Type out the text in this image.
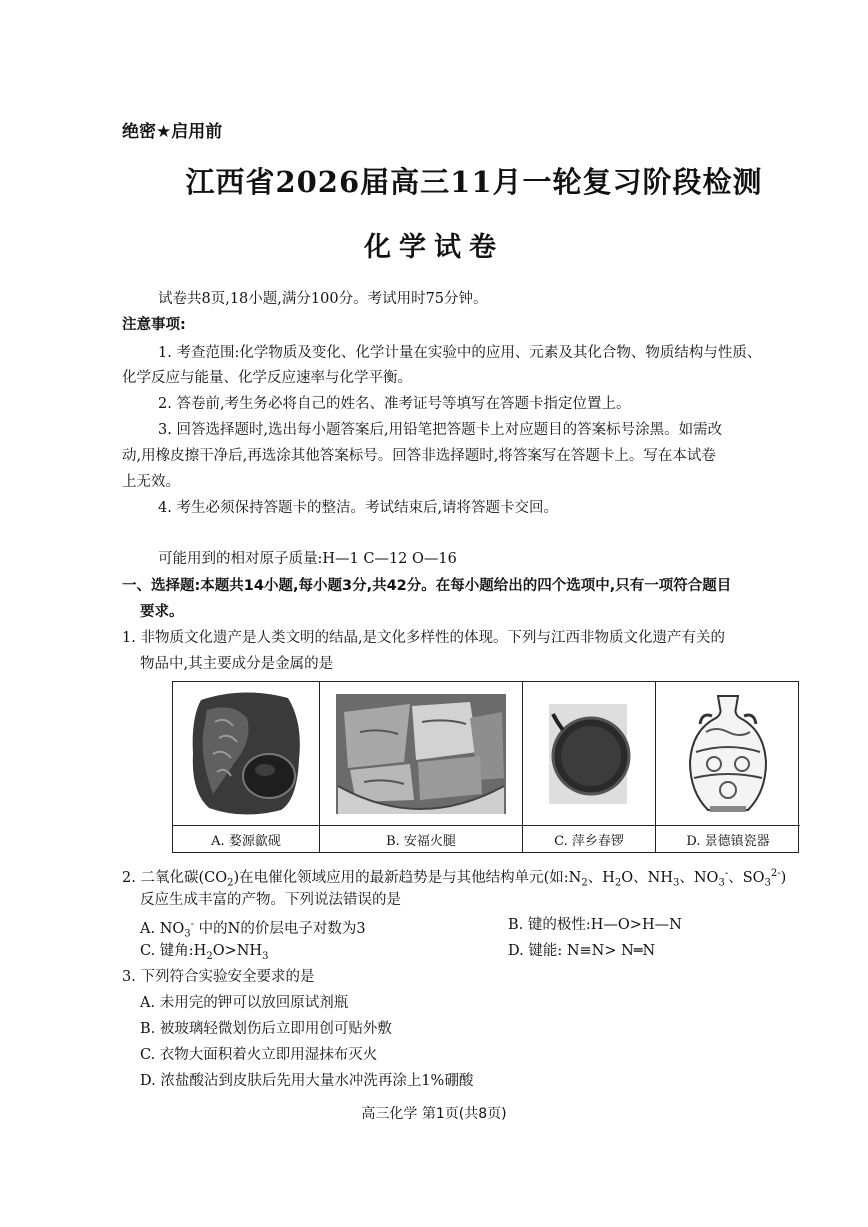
绝密★启用前
江西省2026届高三11月一轮复习阶段检测
化学试卷
试卷共8页,18小题,满分100分。考试用时75分钟。
注意事项:
1. 考查范围:化学物质及变化、化学计量在实验中的应用、元素及其化合物、物质结构与性质、
化学反应与能量、化学反应速率与化学平衡。
2. 答卷前,考生务必将自己的姓名、准考证号等填写在答题卡指定位置上。
3. 回答选择题时,选出每小题答案后,用铅笔把答题卡上对应题目的答案标号涂黑。如需改
动,用橡皮擦干净后,再选涂其他答案标号。回答非选择题时,将答案写在答题卡上。写在本试卷
上无效。
4. 考生必须保持答题卡的整洁。考试结束后,请将答题卡交回。
可能用到的相对原子质量:H—1 C—12 O—16
一、选择题:本题共14小题,每小题3分,共42分。在每小题给出的四个选项中,只有一项符合题目
要求。
1. 非物质文化遗产是人类文明的结晶,是文化多样性的体现。下列与江西非物质文化遗产有关的
物品中,其主要成分是金属的是
A. 婺源歙砚	B. 安福火腿	C. 萍乡春锣	D. 景德镇瓷器
2. 二氧化碳$(CO_2)$在电催化领域应用的最新趋势是与其他结构单元(如$:N_2$、$H_2O$、$NH_3$、$NO_3^-$、$SO_3^{2-}$)
反应生成丰富的产物。下列说法错误的是
A. $NO_3^-$ 中的N的价层电子对数为3	B. 键的极性:H—O>H—N
C. 键角$:H_2O>NH_3$	D. 键能: N≡N> N═N
3. 下列符合实验安全要求的是
A. 未用完的钾可以放回原试剂瓶
B. 被玻璃轻微划伤后立即用创可贴外敷
C. 衣物大面积着火立即用湿抹布灭火
D. 浓盐酸沾到皮肤后先用大量水冲洗再涂上1%硼酸
高三化学 第1页(共8页)
